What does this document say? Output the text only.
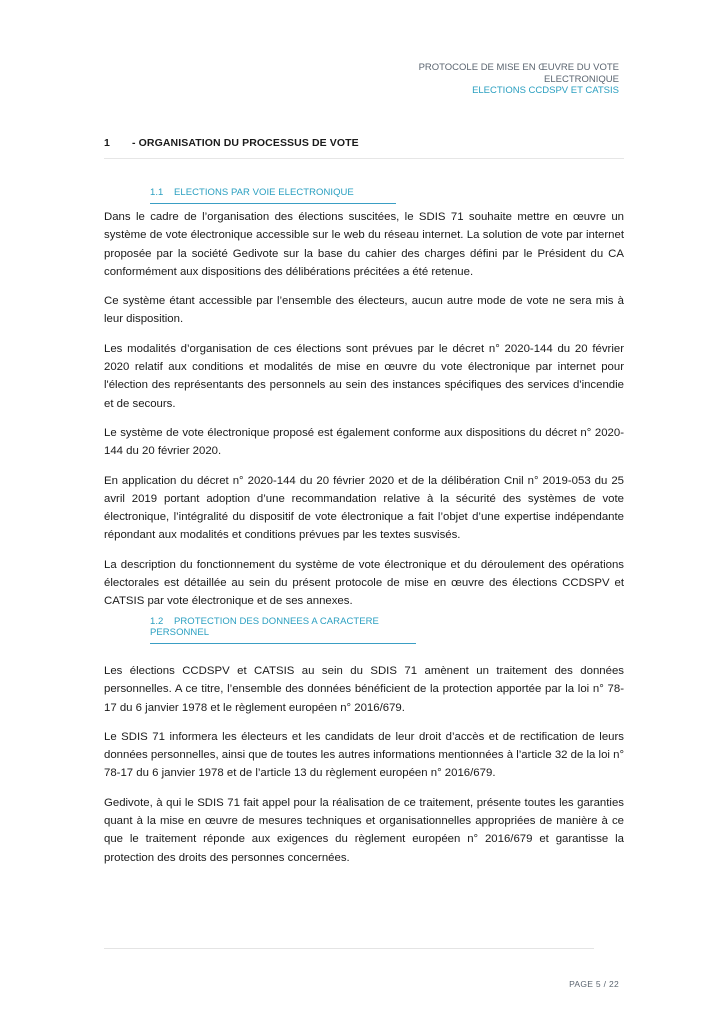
PROTOCOLE DE MISE EN ŒUVRE DU VOTE
ELECTRONIQUE
ELECTIONS CCDSPV ET CATSIS
1 - ORGANISATION DU PROCESSUS DE VOTE
1.1 ELECTIONS PAR VOIE ELECTRONIQUE

Dans le cadre de l’organisation des élections suscitées, le SDIS 71 souhaite mettre en œuvre un système de vote électronique accessible sur le web du réseau internet. La solution de vote par internet proposée par la société Gedivote sur la base du cahier des charges défini par le Président du CA conformément aux dispositions des délibérations précitées a été retenue.

Ce système étant accessible par l’ensemble des électeurs, aucun autre mode de vote ne sera mis à leur disposition.

Les modalités d’organisation de ces élections sont prévues par le décret n° 2020-144 du 20 février 2020 relatif aux conditions et modalités de mise en œuvre du vote électronique par internet pour l'élection des représentants des personnels au sein des instances spécifiques des services d'incendie et de secours.

Le système de vote électronique proposé est également conforme aux dispositions du décret n° 2020-144 du 20 février 2020.

En application du décret n° 2020-144 du 20 février 2020 et de la délibération Cnil n° 2019-053 du 25 avril 2019 portant adoption d’une recommandation relative à la sécurité des systèmes de vote électronique, l’intégralité du dispositif de vote électronique a fait l’objet d’une expertise indépendante répondant aux modalités et conditions prévues par les textes susvisés.

La description du fonctionnement du système de vote électronique et du déroulement des opérations électorales est détaillée au sein du présent protocole de mise en œuvre des élections CCDSPV et CATSIS par vote électronique et de ses annexes.

1.2 PROTECTION DES DONNEES A CARACTERE PERSONNEL

Les élections CCDSPV et CATSIS au sein du SDIS 71 amènent un traitement des données personnelles. A ce titre, l’ensemble des données bénéficient de la protection apportée par la loi n° 78-17 du 6 janvier 1978 et le règlement européen n° 2016/679.

Le SDIS 71 informera les électeurs et les candidats de leur droit d’accès et de rectification de leurs données personnelles, ainsi que de toutes les autres informations mentionnées à l’article 32 de la loi n° 78-17 du 6 janvier 1978 et de l’article 13 du règlement européen n° 2016/679.

Gedivote, à qui le SDIS 71 fait appel pour la réalisation de ce traitement, présente toutes les garanties quant à la mise en œuvre de mesures techniques et organisationnelles appropriées de manière à ce que le traitement réponde aux exigences du règlement européen n° 2016/679 et garantisse la protection des droits des personnes concernées.

PAGE 5 / 22
